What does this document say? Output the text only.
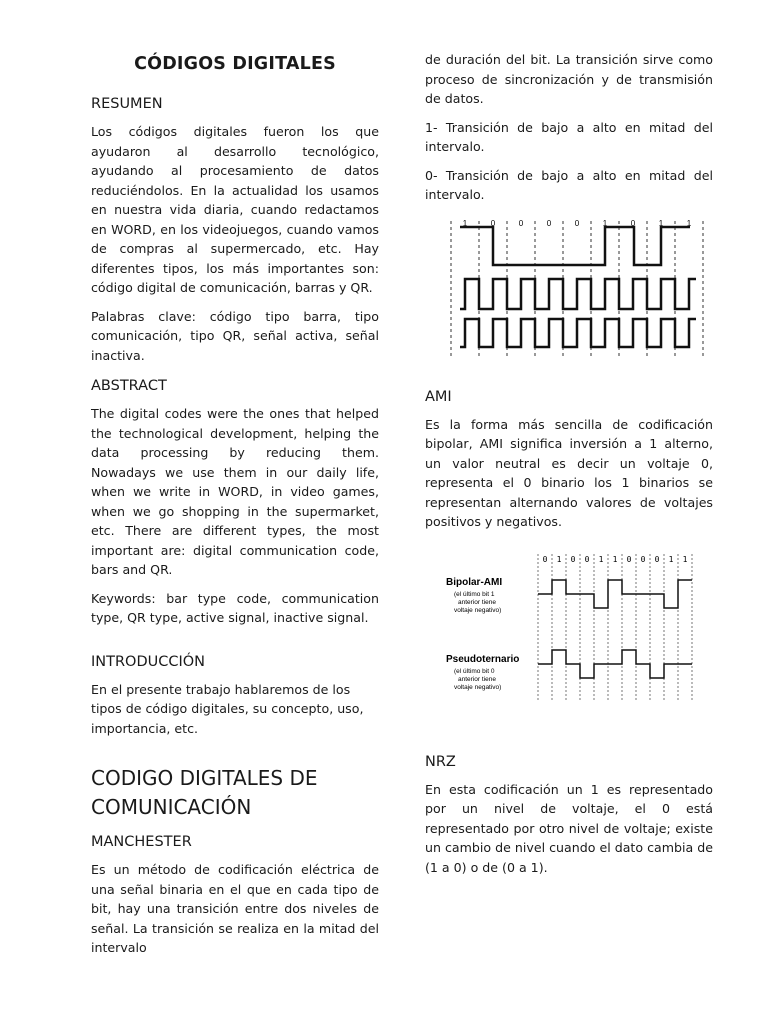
CÓDIGOS DIGITALES
RESUMEN

Los códigos digitales fueron los que ayudaron al desarrollo tecnológico, ayudando al procesamiento de datos reduciéndolos. En la actualidad los usamos en nuestra vida diaria, cuando redactamos en WORD, en los videojuegos, cuando vamos de compras al supermercado, etc. Hay diferentes tipos, los más importantes son: código digital de comunicación, barras y QR.

Palabras clave: código tipo barra, tipo comunicación, tipo QR, señal activa, señal inactiva.

ABSTRACT

The digital codes were the ones that helped the technological development, helping the data processing by reducing them. Nowadays we use them in our daily life, when we write in WORD, in video games, when we go shopping in the supermarket, etc. There are different types, the most important are: digital communication code, bars and QR.

Keywords: bar type code, communication type, QR type, active signal, inactive signal.

INTRODUCCIÓN

En el presente trabajo hablaremos de los tipos de código digitales, su concepto, uso, importancia, etc.

CODIGO DIGITALES DE COMUNICACIÓN
MANCHESTER

Es un método de codificación eléctrica de una señal binaria en el que en cada tipo de bit, hay una transición entre dos niveles de señal. La transición se realiza en la mitad del intervalo

de duración del bit. La transición sirve como proceso de sincronización y de transmisión de datos.

1- Transición de bajo a alto en mitad del intervalo.

0- Transición de bajo a alto en mitad del intervalo.

1	0	0	0	0	1	0	1	1
AMI

Es la forma más sencilla de codificación bipolar, AMI significa inversión a 1 alterno, un valor neutral es decir un voltaje 0, representa el 0 binario los 1 binarios se representan alternando valores de voltajes positivos y negativos.

0 1 0 0 1 1 0 0 0 1 1
Bipolar-AMI
(el último bit 1
anterior tiene
voltaje negativo)
Pseudoternario
(el último bit 0
anterior tiene
voltaje negativo)
NRZ

En esta codificación un 1 es representado por un nivel de voltaje, el 0 está representado por otro nivel de voltaje; existe un cambio de nivel cuando el dato cambia de (1 a 0) o de (0 a 1).
